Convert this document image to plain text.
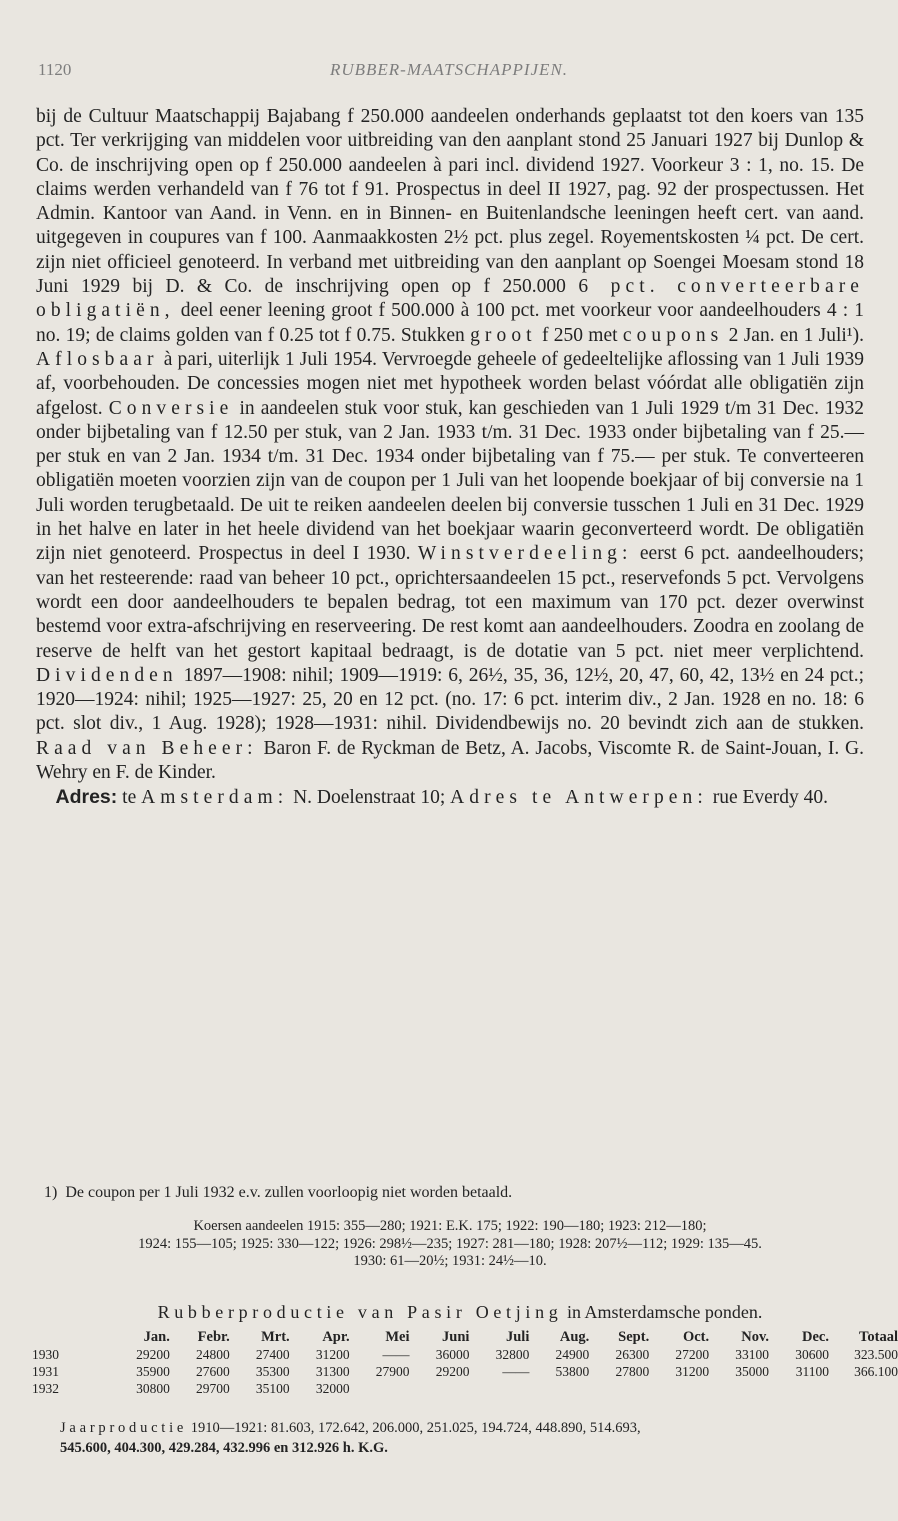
1120	RUBBER-MAATSCHAPPIJEN.

bij de Cultuur Maatschappij Bajabang f 250.000 aandeelen onderhands geplaatst tot den koers van 135 pct. Ter verkrijging van middelen voor uitbreiding van den aanplant stond 25 Januari 1927 bij Dunlop & Co. de inschrijving open op f 250.000 aandeelen à pari incl. dividend 1927. Voorkeur 3 : 1, no. 15. De claims werden verhandeld van f 76 tot f 91. Prospectus in deel II 1927, pag. 92 der prospectussen. Het Admin. Kantoor van Aand. in Venn. en in Binnen- en Buitenlandsche leeningen heeft cert. van aand. uitgegeven in coupures van f 100. Aanmaakkosten 2½ pct. plus zegel. Royementskosten ¼ pct. De cert. zijn niet officieel genoteerd. In verband met uitbreiding van den aanplant op Soengei Moesam stond 18 Juni 1929 bij D. & Co. de inschrijving open op f 250.000 6 pct. converteerbare obligatiën, deel eener leening groot f 500.000 à 100 pct. met voorkeur voor aandeelhouders 4 : 1 no. 19; de claims golden van f 0.25 tot f 0.75. Stukken groot f 250 met coupons 2 Jan. en 1 Juli¹). Aflosbaar à pari, uiterlijk 1 Juli 1954. Vervroegde geheele of gedeeltelijke aflossing van 1 Juli 1939 af, voorbehouden. De concessies mogen niet met hypotheek worden belast vóórdat alle obligatiën zijn afgelost. Conversie in aandeelen stuk voor stuk, kan geschieden van 1 Juli 1929 t/m 31 Dec. 1932 onder bijbetaling van f 12.50 per stuk, van 2 Jan. 1933 t/m. 31 Dec. 1933 onder bijbetaling van f 25.— per stuk en van 2 Jan. 1934 t/m. 31 Dec. 1934 onder bijbetaling van f 75.— per stuk. Te converteeren obligatiën moeten voorzien zijn van de coupon per 1 Juli van het loopende boekjaar of bij conversie na 1 Juli worden terugbetaald. De uit te reiken aandeelen deelen bij conversie tusschen 1 Juli en 31 Dec. 1929 in het halve en later in het heele dividend van het boekjaar waarin geconverteerd wordt. De obligatiën zijn niet genoteerd. Prospectus in deel I 1930. Winstverdeeling: eerst 6 pct. aandeelhouders; van het resteerende: raad van beheer 10 pct., oprichtersaandeelen 15 pct., reservefonds 5 pct. Vervolgens wordt een door aandeelhouders te bepalen bedrag, tot een maximum van 170 pct. dezer overwinst bestemd voor extra-afschrijving en reserveering. De rest komt aan aandeelhouders. Zoodra en zoolang de reserve de helft van het gestort kapitaal bedraagt, is de dotatie van 5 pct. niet meer verplichtend. Dividenden 1897—1908: nihil; 1909—1919: 6, 26½, 35, 36, 12½, 20, 47, 60, 42, 13½ en 24 pct.; 1920—1924: nihil; 1925—1927: 25, 20 en 12 pct. (no. 17: 6 pct. interim div., 2 Jan. 1928 en no. 18: 6 pct. slot div., 1 Aug. 1928); 1928—1931: nihil. Dividendbewijs no. 20 bevindt zich aan de stukken. Raad van Beheer: Baron F. de Ryckman de Betz, A. Jacobs, Viscomte R. de Saint-Jouan, I. G. Wehry en F. de Kinder.

Adres: te Amsterdam: N. Doelenstraat 10; Adres te Antwerpen: rue Everdy 40.

1) De coupon per 1 Juli 1932 e.v. zullen voorloopig niet worden betaald.
Koersen aandeelen 1915: 355—280; 1921: E.K. 175; 1922: 190—180; 1923: 212—180;
1924: 155—105; 1925: 330—122; 1926: 298½—235; 1927: 281—180; 1928: 207½—112; 1929: 135—45.
1930: 61—20½; 1931: 24½—10.
Rubberproductie van Pasir Oetjing in Amsterdamsche ponden.
	Jan.	Febr.	Mrt.	Apr.	Mei	Juni	Juli	Aug.	Sept.	Oct.	Nov.	Dec.	Totaal
1930	29200	24800	27400	31200	——	36000	32800	24900	26300	27200	33100	30600	323.500
1931	35900	27600	35300	31300	27900	29200	——	53800	27800	31200	35000	31100	366.100
1932	30800	29700	35100	32000									
Jaarproductie 1910—1921: 81.603, 172.642, 206.000, 251.025, 194.724, 448.890, 514.693,
545.600, 404.300, 429.284, 432.996 en 312.926 h. K.G.
